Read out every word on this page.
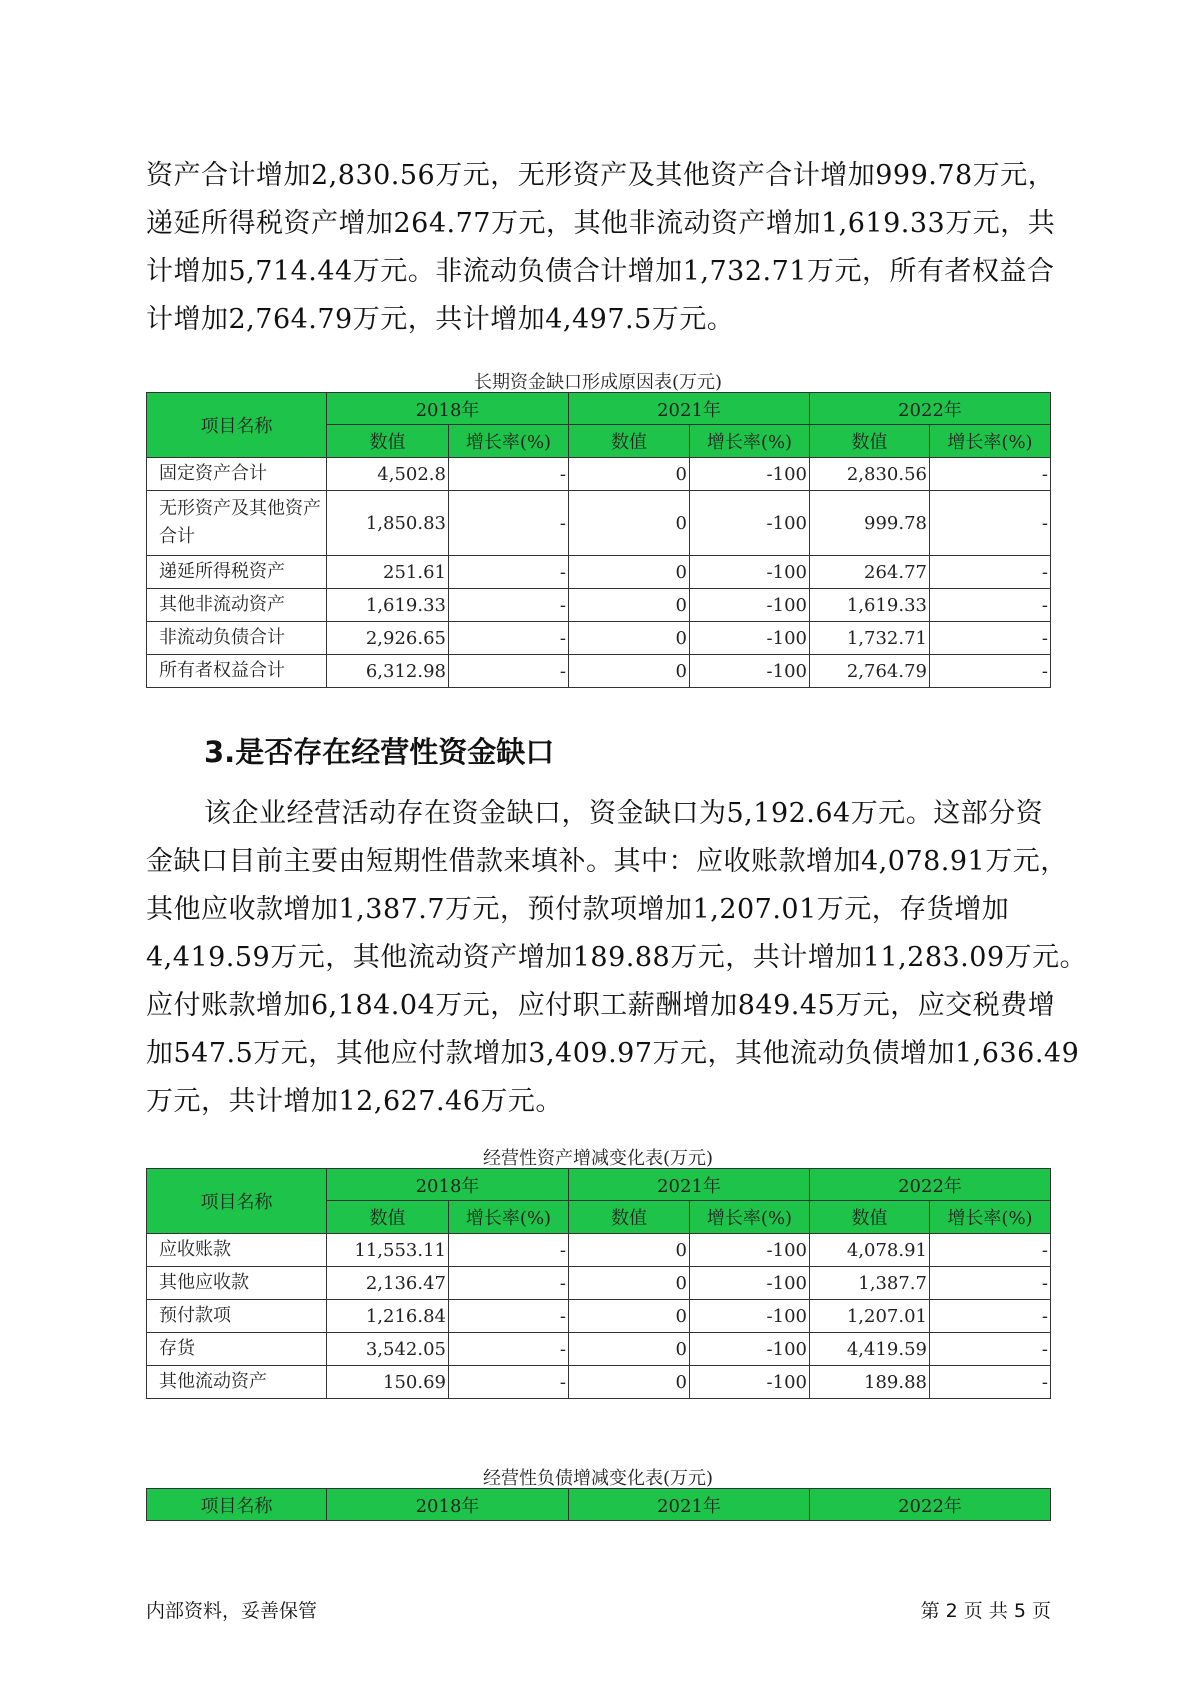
资产合计增加2,830.56万元，无形资产及其他资产合计增加999.78万元，
递延所得税资产增加264.77万元，其他非流动资产增加1,619.33万元，共
计增加5,714.44万元。非流动负债合计增加1,732.71万元，所有者权益合
计增加2,764.79万元，共计增加4,497.5万元。
长期资金缺口形成原因表(万元)
项目名称	2018年		2021年		2022年	
	数值	增长率(%)	数值	增长率(%)	数值	增长率(%)
固定资产合计	4,502.8	-	0	-100	2,830.56	-
无形资产及其他资产合计	1,850.83	-	0	-100	999.78	-
递延所得税资产	251.61	-	0	-100	264.77	-
其他非流动资产	1,619.33	-	0	-100	1,619.33	-
非流动负债合计	2,926.65	-	0	-100	1,732.71	-
所有者权益合计	6,312.98	-	0	-100	2,764.79	-
3.是否存在经营性资金缺口
该企业经营活动存在资金缺口，资金缺口为5,192.64万元。这部分资
金缺口目前主要由短期性借款来填补。其中：应收账款增加4,078.91万元，
其他应收款增加1,387.7万元，预付款项增加1,207.01万元，存货增加
4,419.59万元，其他流动资产增加189.88万元，共计增加11,283.09万元。
应付账款增加6,184.04万元，应付职工薪酬增加849.45万元，应交税费增
加547.5万元，其他应付款增加3,409.97万元，其他流动负债增加1,636.49
万元，共计增加12,627.46万元。
经营性资产增减变化表(万元)
项目名称	2018年		2021年		2022年	
	数值	增长率(%)	数值	增长率(%)	数值	增长率(%)
应收账款	11,553.11	-	0	-100	4,078.91	-
其他应收款	2,136.47	-	0	-100	1,387.7	-
预付款项	1,216.84	-	0	-100	1,207.01	-
存货	3,542.05	-	0	-100	4,419.59	-
其他流动资产	150.69	-	0	-100	189.88	-
经营性负债增减变化表(万元)
项目名称	2018年	2021年	2022年
内部资料，妥善保管	第 2 页 共 5 页
